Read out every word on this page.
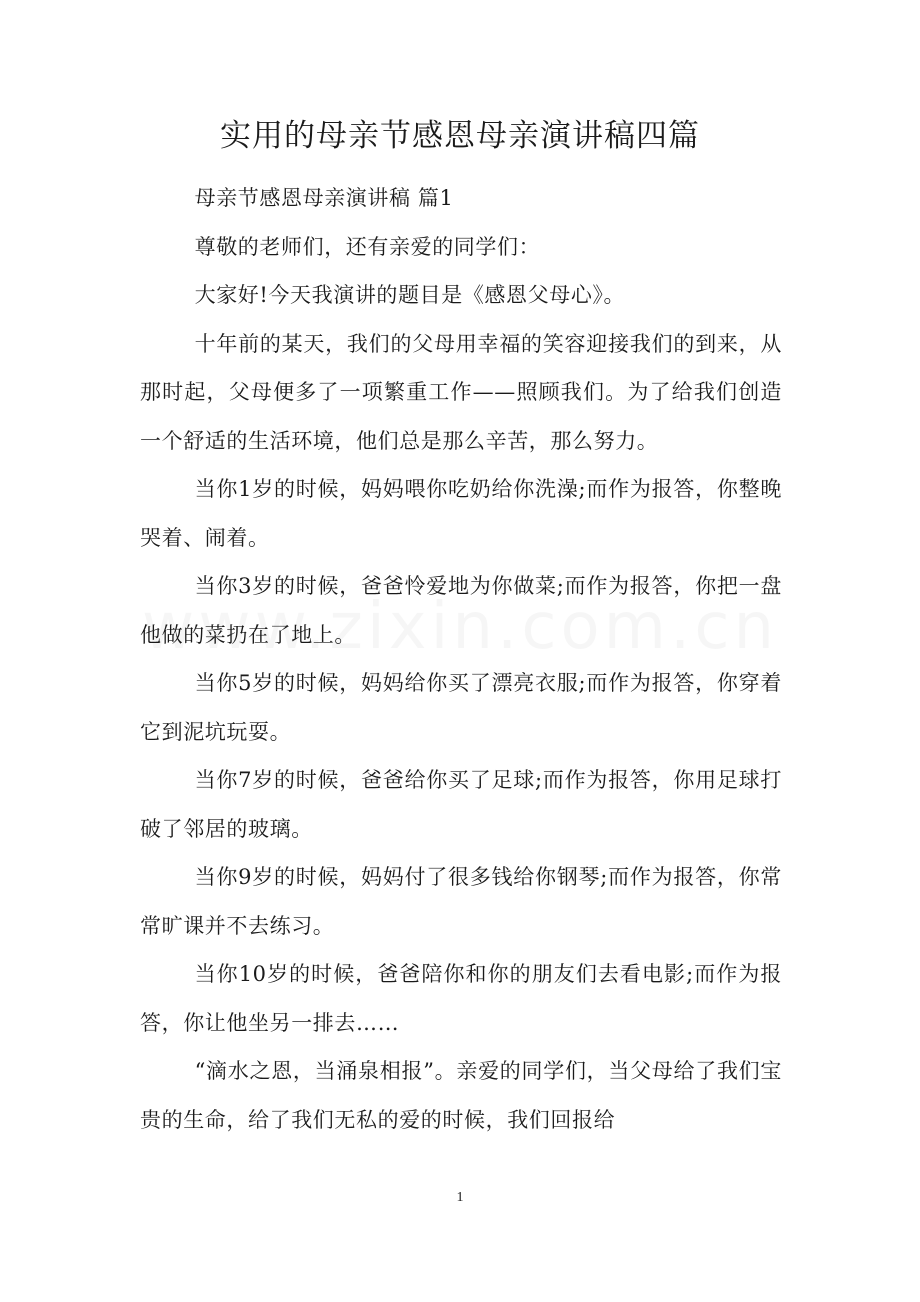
实用的母亲节感恩母亲演讲稿四篇

母亲节感恩母亲演讲稿 篇1

尊敬的老师们，还有亲爱的同学们：

大家好!今天我演讲的题目是《感恩父母心》。

十年前的某天，我们的父母用幸福的笑容迎接我们的到来，从那时起，父母便多了一项繁重工作——照顾我们。为了给我们创造一个舒适的生活环境，他们总是那么辛苦，那么努力。

当你1岁的时候，妈妈喂你吃奶给你洗澡;而作为报答，你整晚哭着、闹着。

当你3岁的时候，爸爸怜爱地为你做菜;而作为报答，你把一盘他做的菜扔在了地上。

当你5岁的时候，妈妈给你买了漂亮衣服;而作为报答，你穿着它到泥坑玩耍。

当你7岁的时候，爸爸给你买了足球;而作为报答，你用足球打破了邻居的玻璃。

当你9岁的时候，妈妈付了很多钱给你钢琴;而作为报答，你常常旷课并不去练习。

当你10岁的时候，爸爸陪你和你的朋友们去看电影;而作为报答，你让他坐另一排去……

“滴水之恩，当涌泉相报”。亲爱的同学们，当父母给了我们宝贵的生命，给了我们无私的爱的时候，我们回报给

1
